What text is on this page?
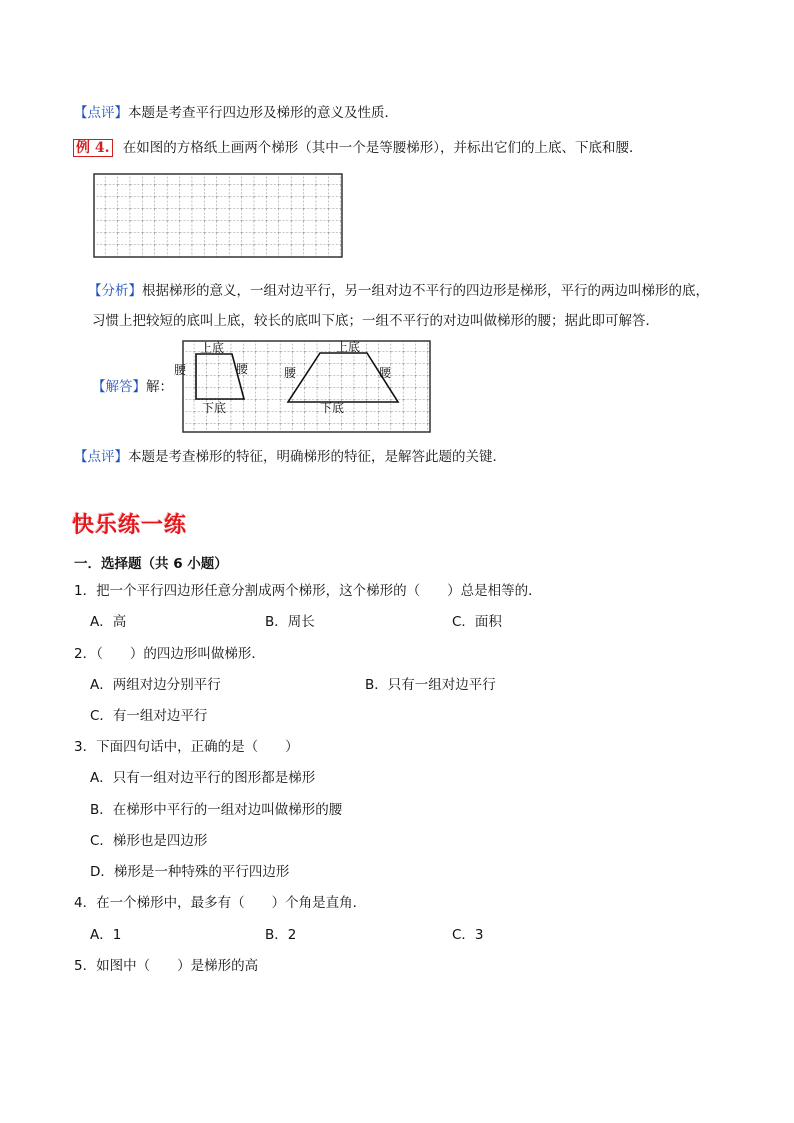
【点评】本题是考查平行四边形及梯形的意义及性质．
例 4. 在如图的方格纸上画两个梯形（其中一个是等腰梯形），并标出它们的上底、下底和腰．
【分析】根据梯形的意义，一组对边平行，另一组对边不平行的四边形是梯形，平行的两边叫梯形的底，
习惯上把较短的底叫上底，较长的底叫下底；一组不平行的对边叫做梯形的腰；据此即可解答．
【解答】解：
上底
下底
腰	腰
上底
下底
腰	腰
【点评】本题是考查梯形的特征，明确梯形的特征，是解答此题的关键．
快乐练一练
一．选择题（共 6 小题）
1．把一个平行四边形任意分割成两个梯形，这个梯形的（　　）总是相等的．
A．高	B．周长	C．面积
2．（　　）的四边形叫做梯形．
A．两组对边分别平行	B．只有一组对边平行
C．有一组对边平行
3．下面四句话中，正确的是（　　）
A．只有一组对边平行的图形都是梯形
B．在梯形中平行的一组对边叫做梯形的腰
C．梯形也是四边形
D．梯形是一种特殊的平行四边形
4．在一个梯形中，最多有（　　）个角是直角．
A．1	B．2	C．3
5．如图中（　　）是梯形的高
